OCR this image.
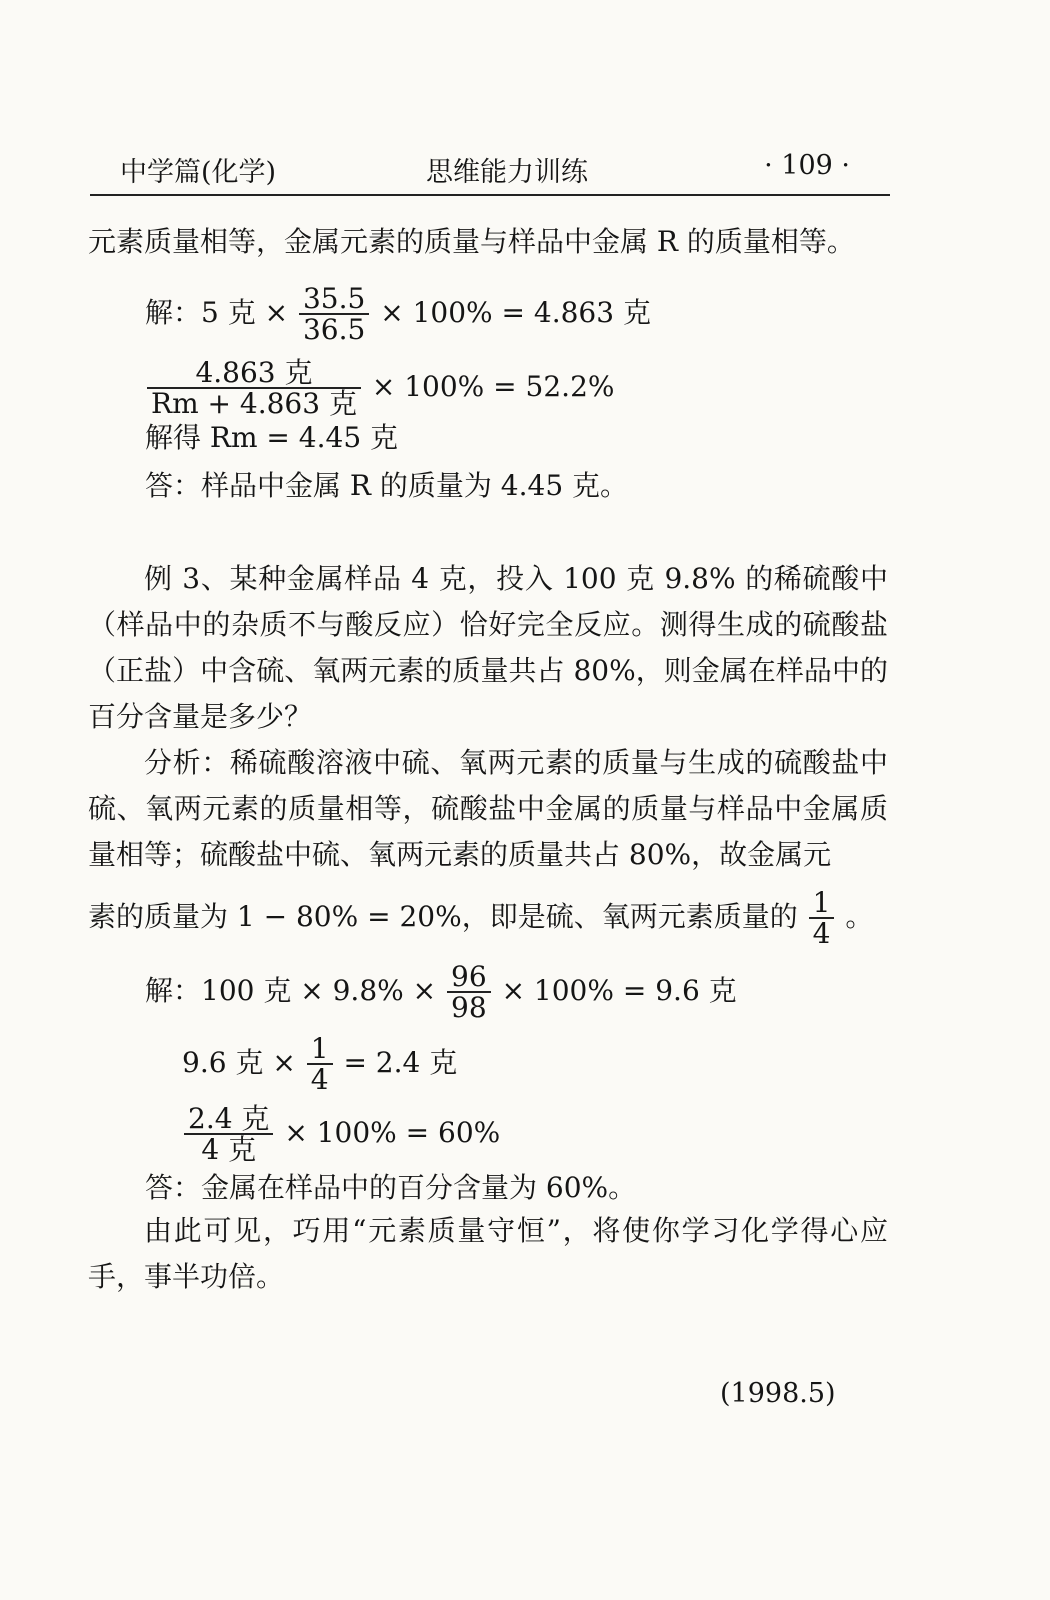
中学篇(化学)	思维能力训练	· 109 ·
元素质量相等，金属元素的质量与样品中金属 R 的质量相等。
解：5 克 × $\frac{35.5}{36.5} \times 100\% = 4.863$ 克
$\frac{\text{4.863 克}}{\text{Rm + 4.863 克}} \times 100\% = 52.2\%$
解得 Rm = 4.45 克
答：样品中金属 R 的质量为 4.45 克。
例 3、某种金属样品 4 克，投入 100 克 9.8% 的稀硫酸中（样品中的杂质不与酸反应）恰好完全反应。测得生成的硫酸盐（正盐）中含硫、氧两元素的质量共占 80%，则金属在样品中的百分含量是多少？
分析：稀硫酸溶液中硫、氧两元素的质量与生成的硫酸盐中硫、氧两元素的质量相等，硫酸盐中金属的质量与样品中金属质量相等；硫酸盐中硫、氧两元素的质量共占 80%，故金属元
素的质量为 1 − 80% = 20%，即是硫、氧两元素质量的 $\frac{1}{4}$ 。
解：100 克 × $9.8\% \times \frac{96}{98} \times 100\% = 9.6$ 克
9.6 克 × $\frac{1}{4} = 2.4$ 克
$\frac{\text{2.4 克}}{\text{4 克}} \times 100\% = 60\%$
答：金属在样品中的百分含量为 60%。
由此可见，巧用“元素质量守恒”，将使你学习化学得心应手，事半功倍。
(1998.5)
